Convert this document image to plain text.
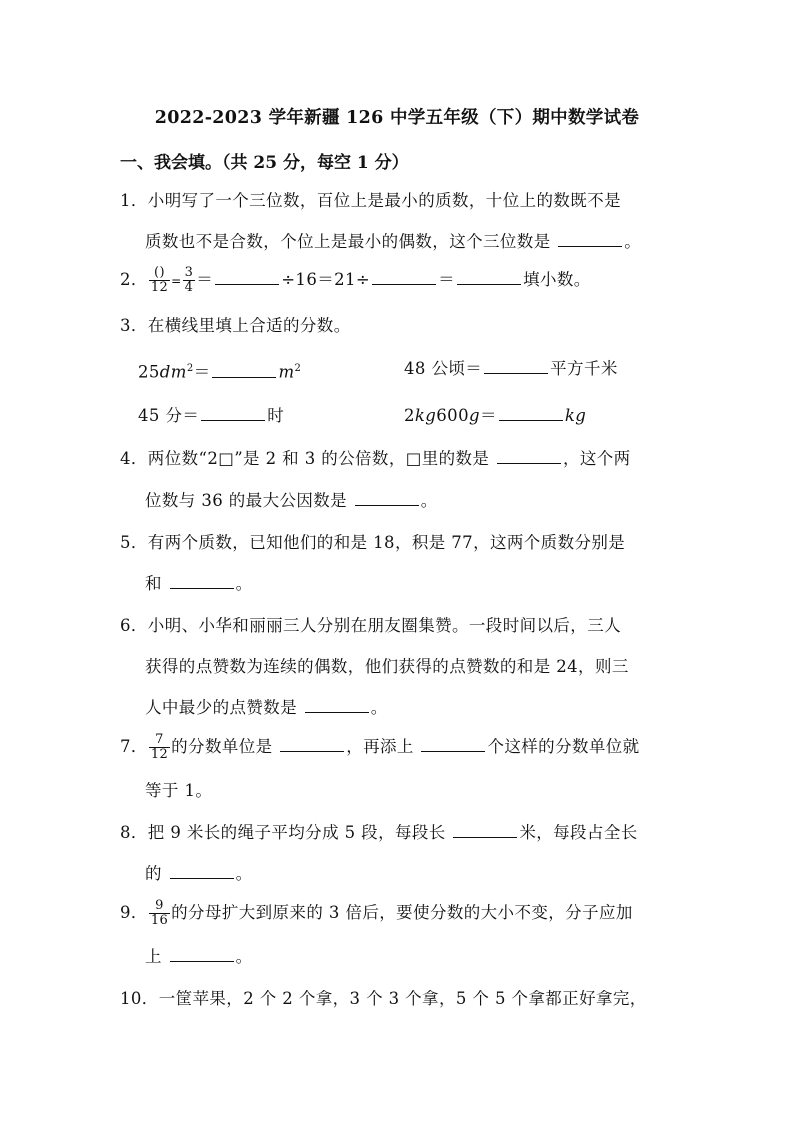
2022-2023 学年新疆 126 中学五年级（下）期中数学试卷
一、我会填。（共 25 分，每空 1 分）
1．小明写了一个三位数，百位上是最小的质数，十位上的数既不是
质数也不是合数，个位上是最小的偶数，这个三位数是	。
2． $\frac{()}{12} = \frac{3}{4}$ ＝	÷16＝21÷	＝	填小数。
3．在横线里填上合适的分数。
$25dm^2=$	$m^2$	48 公顷＝	平方千米
45 分＝	时	2kg600g＝	kg
4．两位数“2□”是 2 和 3 的公倍数，□里的数是	，这个两
位数与 36 的最大公因数是	。
5．有两个质数，已知他们的和是 18，积是 77，这两个质数分别是
和	。
6．小明、小华和丽丽三人分别在朋友圈集赞。一段时间以后，三人
获得的点赞数为连续的偶数，他们获得的点赞数的和是 24，则三
人中最少的点赞数是	。
7． $\frac{7}{12}$ 的分数单位是	，再添上	个这样的分数单位就
等于 1。
8．把 9 米长的绳子平均分成 5 段，每段长	米，每段占全长
的	。
9． $\frac{9}{16}$ 的分母扩大到原来的 3 倍后，要使分数的大小不变，分子应加
上	。
10．一筐苹果，2 个 2 个拿，3 个 3 个拿，5 个 5 个拿都正好拿完，
